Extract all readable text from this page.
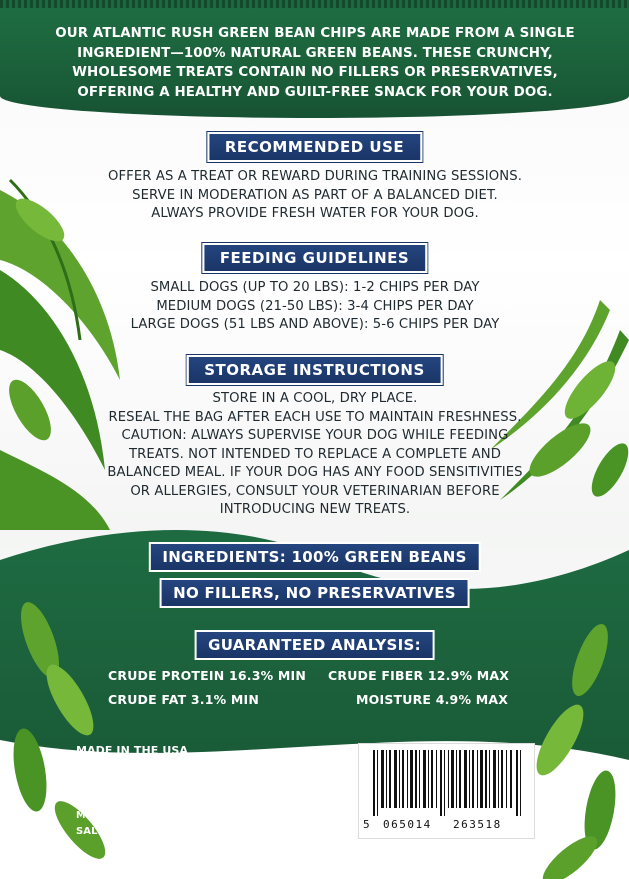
OUR ATLANTIC RUSH GREEN BEAN CHIPS ARE MADE FROM A SINGLE INGREDIENT—100% NATURAL GREEN BEANS. THESE CRUNCHY, WHOLESOME TREATS CONTAIN NO FILLERS OR PRESERVATIVES, OFFERING A HEALTHY AND GUILT-FREE SNACK FOR YOUR DOG.
RECOMMENDED USE
OFFER AS A TREAT OR REWARD DURING TRAINING SESSIONS.
SERVE IN MODERATION AS PART OF A BALANCED DIET.
ALWAYS PROVIDE FRESH WATER FOR YOUR DOG.
FEEDING GUIDELINES
SMALL DOGS (UP TO 20 LBS): 1-2 CHIPS PER DAY
MEDIUM DOGS (21-50 LBS): 3-4 CHIPS PER DAY
LARGE DOGS (51 LBS AND ABOVE): 5-6 CHIPS PER DAY
STORAGE INSTRUCTIONS
STORE IN A COOL, DRY PLACE.
RESEAL THE BAG AFTER EACH USE TO MAINTAIN FRESHNESS.
CAUTION: ALWAYS SUPERVISE YOUR DOG WHILE FEEDING
TREATS. NOT INTENDED TO REPLACE A COMPLETE AND
BALANCED MEAL. IF YOUR DOG HAS ANY FOOD SENSITIVITIES
OR ALLERGIES, CONSULT YOUR VETERINARIAN BEFORE
INTRODUCING NEW TREATS.
INGREDIENTS: 100% GREEN BEANS
NO FILLERS, NO PRESERVATIVES
GUARANTEED ANALYSIS:
CRUDE PROTEIN 16.3% MIN CRUDE FIBER 12.9% MAX
CRUDE FAT 3.1% MIN	MOISTURE 4.9% MAX
MADE IN THE USA
DISTRIBUTED BY:
ATLANTIC RUSH
MYRTLE BEACH, SC 29577
SALES@MIDATLANTICRETAILDISTRIBUTION.COM
5 065014 263518
